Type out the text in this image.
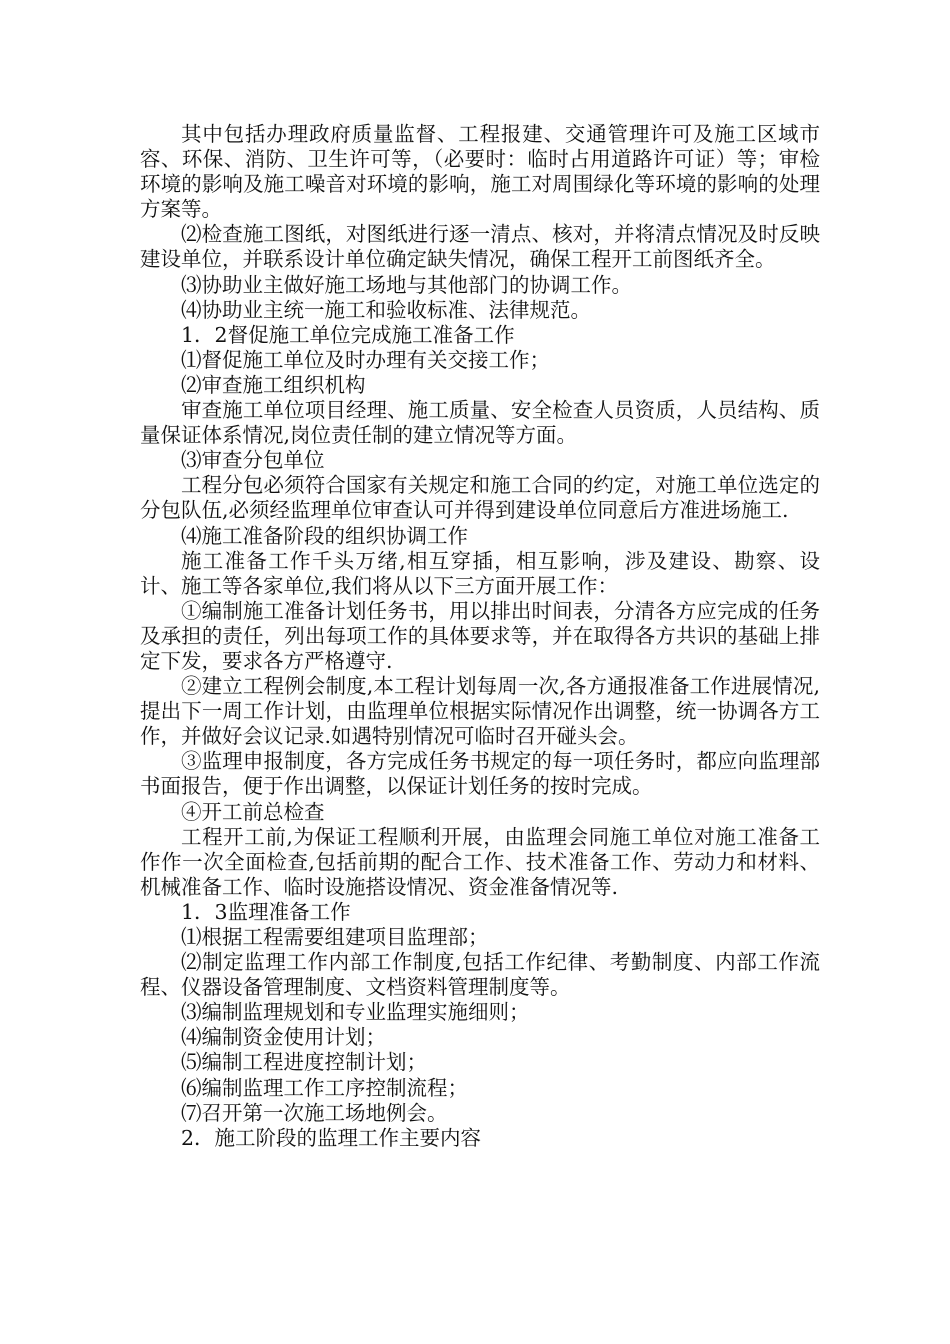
其中包括办理政府质量监督、工程报建、交通管理许可及施工区域市容、环保、消防、卫生许可等，（必要时：临时占用道路许可证）等；审检环境的影响及施工噪音对环境的影响，施工对周围绿化等环境的影响的处理方案等。

⑵检查施工图纸，对图纸进行逐一清点、核对，并将清点情况及时反映建设单位，并联系设计单位确定缺失情况，确保工程开工前图纸齐全。

⑶协助业主做好施工场地与其他部门的协调工作。

⑷协助业主统一施工和验收标准、法律规范。

1．2督促施工单位完成施工准备工作

⑴督促施工单位及时办理有关交接工作；

⑵审查施工组织机构

审查施工单位项目经理、施工质量、安全检查人员资质，人员结构、质量保证体系情况,岗位责任制的建立情况等方面。

⑶审查分包单位

工程分包必须符合国家有关规定和施工合同的约定，对施工单位选定的分包队伍,必须经监理单位审查认可并得到建设单位同意后方准进场施工.

⑷施工准备阶段的组织协调工作

施工准备工作千头万绪,相互穿插，相互影响，涉及建设、勘察、设计、施工等各家单位,我们将从以下三方面开展工作：

①编制施工准备计划任务书，用以排出时间表，分清各方应完成的任务及承担的责任，列出每项工作的具体要求等，并在取得各方共识的基础上排定下发，要求各方严格遵守.

②建立工程例会制度,本工程计划每周一次,各方通报准备工作进展情况,提出下一周工作计划，由监理单位根据实际情况作出调整，统一协调各方工作，并做好会议记录.如遇特别情况可临时召开碰头会。

③监理申报制度，各方完成任务书规定的每一项任务时，都应向监理部书面报告，便于作出调整，以保证计划任务的按时完成。

④开工前总检查

工程开工前,为保证工程顺利开展，由监理会同施工单位对施工准备工作作一次全面检查,包括前期的配合工作、技术准备工作、劳动力和材料、机械准备工作、临时设施搭设情况、资金准备情况等.

1．3监理准备工作

⑴根据工程需要组建项目监理部；

⑵制定监理工作内部工作制度,包括工作纪律、考勤制度、内部工作流程、仪器设备管理制度、文档资料管理制度等。

⑶编制监理规划和专业监理实施细则；

⑷编制资金使用计划；

⑸编制工程进度控制计划；

⑹编制监理工作工序控制流程；

⑺召开第一次施工场地例会。

2．施工阶段的监理工作主要内容
